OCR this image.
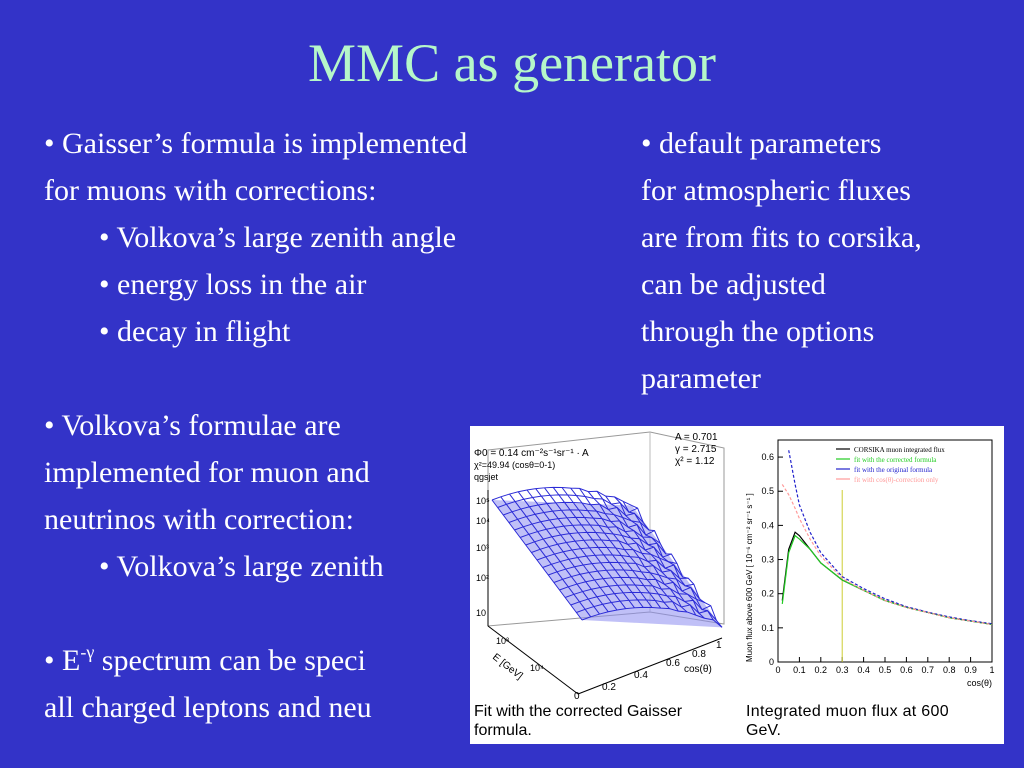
MMC as generator
• Gaisser’s formula is implemented
for muons with corrections:
• Volkova’s large zenith angle
• energy loss in the air
• decay in flight
• Volkova’s formulae are
implemented for muon and
neutrinos with correction:
• Volkova’s large zenith
• $E^{-\gamma}$ spectrum can be speci
all charged leptons and neu
• default parameters
for atmospheric fluxes
are from fits to corsika,
can be adjusted
through the options
parameter
Φ0 = 0.14 cm⁻²s⁻¹sr⁻¹ · A
χ²=49.94 (cosθ=0-1)
qgsjet
A = 0.701
γ = 2.715
χ² = 1.12
10⁵
10⁴
10³
10²
10
10³
10⁴
E [GeV]
0
0.2
0.4
0.6
0.8
1
cos(θ)
Fit with the corrected Gaisser
formula.
0
0.1
0.2
0.3
0.4
0.5
0.6
0 0.1 0.2 0.3 0.4 0.5 0.6 0.7 0.8 0.9 1
cos(θ)
Muon flux above 600 GeV [ 10⁻⁶ cm⁻² sr⁻¹ s⁻¹ ]
CORSIKA muon integrated flux
fit with the corrected formula
fit with the original formula
fit with cos(θ)-correction only
Integrated muon flux at 600
GeV.
